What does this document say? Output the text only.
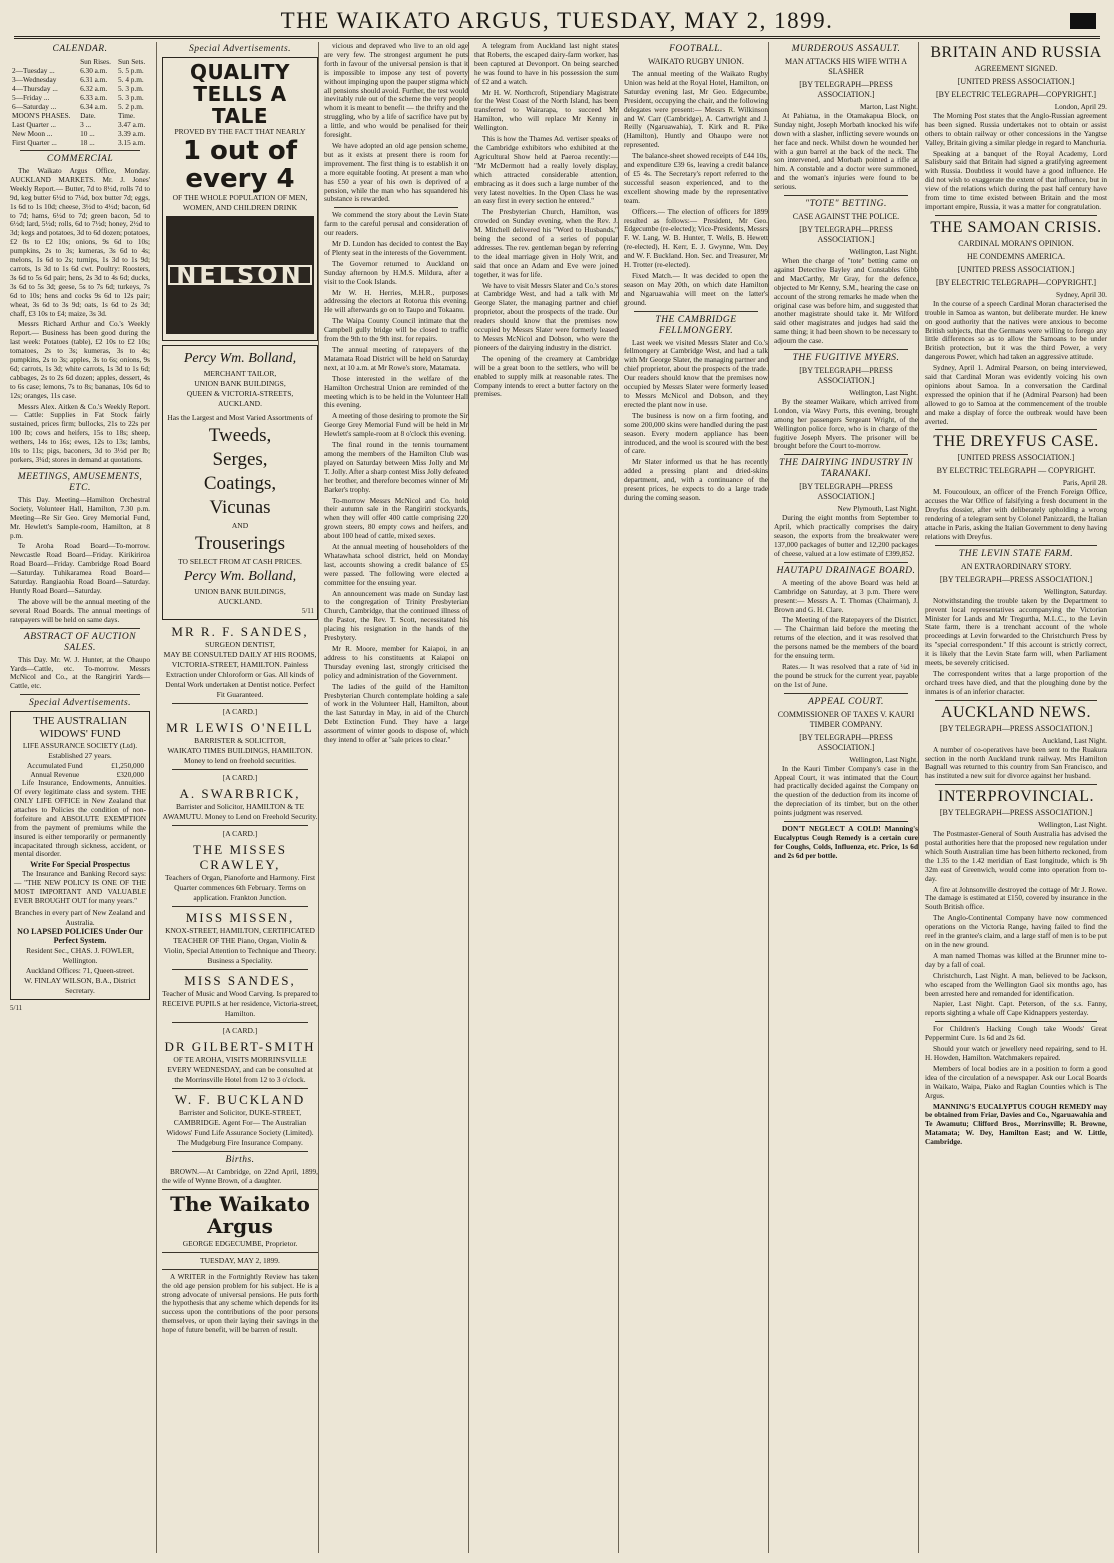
THE WAIKATO ARGUS, TUESDAY, MAY 2, 1899.
CALENDAR.
	Sun Rises.	Sun Sets.
2—Tuesday ...	6.30 a.m.	5. 5 p.m.
3—Wednesday	6.31 a.m.	5. 4 p.m.
4—Thursday ...	6.32 a.m.	5. 3 p.m.
5—Friday ...	6.33 a.m.	5. 3 p.m.
6—Saturday ...	6.34 a.m.	5. 2 p.m.
MOON'S PHASES.	Date.	Time.
Last Quarter ...	3 ...	3.47 a.m.
New Moon ...	10 ...	3.39 a.m.
First Quarter ...	18 ...	3.15 a.m.
COMMERCIAL

The Waikato Argus Office, Monday. AUCKLAND MARKETS. Mr. J. Jones' Weekly Report.— Butter, 7d to 8½d, rolls 7d to 9d, keg butter 6½d to 7¼d, box butter 7d; eggs, 1s 6d to 1s 10d; cheese, 3½d to 4½d; bacon, 6d to 7d; hams, 6½d to 7d; green bacon, 5d to 6½d; lard, 5½d; rolls, 6d to 7½d; honey, 2½d to 3d; kegs and potatoes, 3d to 6d dozen; potatoes, £2 0s to £2 10s; onions, 9s 6d to 10s; pumpkins, 2s to 3s; kumeras, 3s 6d to 4s; melons, 1s 6d to 2s; turnips, 1s 3d to 1s 9d; carrots, 1s 3d to 1s 6d cwt. Poultry: Roosters, 3s 6d to 5s 6d pair; hens, 2s 3d to 4s 6d; ducks, 3s 6d to 5s 3d; geese, 5s to 7s 6d; turkeys, 7s 6d to 10s; hens and cocks 9s 6d to 12s pair; wheat, 3s 6d to 3s 9d; oats, 1s 6d to 2s 3d; chaff, £3 10s to £4; maize, 3s 3d.

Messrs Richard Arthur and Co.'s Weekly Report.— Business has been good during the last week: Potatoes (table), £2 10s to £2 10s; tomatoes, 2s to 3s; kumeras, 3s to 4s; pumpkins, 2s to 3s; apples, 3s to 6s; onions, 9s 6d; carrots, 1s 3d; white carrots, 1s 3d to 1s 6d; cabbages, 2s to 2s 6d dozen; apples, dessert, 4s to 6s case; lemons, 7s to 8s; bananas, 10s 6d to 12s; oranges, 11s case.

Messrs Alex. Aitken & Co.'s Weekly Report.— Cattle: Supplies in Fat Stock fairly sustained, prices firm; bullocks, 21s to 22s per 100 lb; cows and heifers, 15s to 18s; sheep, wethers, 14s to 16s; ewes, 12s to 13s; lambs, 10s to 11s; pigs, baconers, 3d to 3½d per lb; porkers, 3¼d; stores in demand at quotations.

MEETINGS, AMUSEMENTS, ETC.

This Day. Meeting—Hamilton Orchestral Society, Volunteer Hall, Hamilton, 7.30 p.m. Meeting—Re Sir Geo. Grey Memorial Fund, Mr. Hewlett's Sample-room, Hamilton, at 8 p.m.

Te Aroha Road Board—To-morrow. Newcastle Road Board—Friday. Kirikiriroa Road Board—Friday. Cambridge Road Board—Saturday. Tuhikaramea Road Board—Saturday. Rangiaohia Road Board—Saturday. Huntly Road Board—Saturday.

The above will be the annual meeting of the several Road Boards. The annual meetings of ratepayers will be held on same days.

ABSTRACT OF AUCTION SALES.

This Day. Mr. W. J. Hunter, at the Ohaupo Yards—Cattle, etc. To-morrow. Messrs McNicol and Co., at the Rangiriri Yards—Cattle, etc.

Special Advertisements.
THE AUSTRALIAN WIDOWS' FUND
LIFE ASSURANCE SOCIETY (Ltd).
Established 27 years.
Accumulated Fund	£1,250,000
Annual Revenue	£320,000

Life Insurance, Endowments, Annuities. Of every legitimate class and system. THE ONLY LIFE OFFICE in New Zealand that attaches to Policies the condition of non-forfeiture and ABSOLUTE EXEMPTION from the payment of premiums while the insured is either temporarily or permanently incapacitated through sickness, accident, or mental disorder.

Write For Special Prospectus

The Insurance and Banking Record says:— "THE NEW POLICY IS ONE OF THE MOST IMPORTANT AND VALUABLE EVER BROUGHT OUT for many years."

Branches in every part of New Zealand and Australia.
NO LAPSED POLICIES Under Our Perfect System.
Resident Sec., CHAS. J. FOWLER, Wellington.
Auckland Offices: 71, Queen-street.
W. FINLAY WILSON, B.A., District Secretary.
5/11
Special Advertisements.
QUALITY TELLS A TALE
PROVED BY THE FACT THAT NEARLY
1 out of every 4
OF THE WHOLE POPULATION OF MEN, WOMEN, AND CHILDREN DRINK
NELSON
Percy Wm. Bolland,
MERCHANT TAILOR,
UNION BANK BUILDINGS,
QUEEN & VICTORIA-STREETS,
AUCKLAND.
Has the Largest and Most Varied Assortments of
Tweeds,
Serges,
Coatings,
Vicunas
AND
Trouserings
TO SELECT FROM AT CASH PRICES.
Percy Wm. Bolland,
UNION BANK BUILDINGS,
AUCKLAND.
5/11
MR R. F. SANDES,
SURGEON DENTIST,

MAY BE CONSULTED DAILY AT HIS ROOMS, VICTORIA-STREET, HAMILTON. Painless Extraction under Chloroform or Gas. All kinds of Dental Work undertaken at Dentist notice. Perfect Fit Guaranteed.

[A CARD.]
MR LEWIS O'NEILL
BARRISTER & SOLICITOR,

WAIKATO TIMES BUILDINGS, HAMILTON. Money to lend on freehold securities.

[A CARD.]
A. SWARBRICK,

Barrister and Solicitor, HAMILTON & TE AWAMUTU. Money to Lend on Freehold Security.

[A CARD.]
THE MISSES CRAWLEY,

Teachers of Organ, Pianoforte and Harmony. First Quarter commences 6th February. Terms on application. Frankton Junction.

MISS MISSEN,

KNOX-STREET, HAMILTON, CERTIFICATED TEACHER OF THE Piano, Organ, Violin & Violin, Special Attention to Technique and Theory. Business a Speciality.

MISS SANDES,

Teacher of Music and Wood Carving. Is prepared to RECEIVE PUPILS at her residence, Victoria-street, Hamilton.

[A CARD.]
DR GILBERT-SMITH

OF TE AROHA, VISITS MORRINSVILLE EVERY WEDNESDAY, and can be consulted at the Morrinsville Hotel from 12 to 3 o'clock.

W. F. BUCKLAND

Barrister and Solicitor, DUKE-STREET, CAMBRIDGE. Agent For— The Australian Widows' Fund Life Assurance Society (Limited). The Mudgeburg Fire Insurance Company.

Births.

BROWN.—At Cambridge, on 22nd April, 1899, the wife of Wynne Brown, of a daughter.

The Waikato Argus
GEORGE EDGECUMBE, Proprietor.
TUESDAY, MAY 2, 1899.

A WRITER in the Fortnightly Review has taken the old age pension problem for his subject. He is a strong advocate of universal pensions. He puts forth the hypothesis that any scheme which depends for its success upon the contributions of the poor persons themselves, or upon their laying their savings in the hope of future benefit, will be barren of result.

vicious and depraved who live to an old age are very few. The strongest argument he puts forth in favour of the universal pension is that it is impossible to impose any test of poverty without impinging upon the pauper stigma which all pensions should avoid. Further, the test would inevitably rule out of the scheme the very people whom it is meant to benefit — the thrifty and the struggling, who by a life of sacrifice have put by a little, and who would be penalised for their foresight.

We have adopted an old age pension scheme, but as it exists at present there is room for improvement. The first thing is to establish it on a more equitable footing. At present a man who has £50 a year of his own is deprived of a pension, while the man who has squandered his substance is rewarded.

We commend the story about the Levin State farm to the careful perusal and consideration of our readers.

Mr D. Lundon has decided to contest the Bay of Plenty seat in the interests of the Government.

The Governor returned to Auckland on Sunday afternoon by H.M.S. Mildura, after a visit to the Cook Islands.

Mr W. H. Herries, M.H.R., purposes addressing the electors at Rotorua this evening. He will afterwards go on to Taupo and Tokaanu.

The Waipa County Council intimate that the Campbell gully bridge will be closed to traffic from the 9th to the 9th inst. for repairs.

The annual meeting of ratepayers of the Matamata Road District will be held on Saturday next, at 10 a.m. at Mr Rowe's store, Matamata.

Those interested in the welfare of the Hamilton Orchestral Union are reminded of the meeting which is to be held in the Volunteer Hall this evening.

A meeting of those desiring to promote the Sir George Grey Memorial Fund will be held in Mr Hewlett's sample-room at 8 o'clock this evening.

The final round in the tennis tournament among the members of the Hamilton Club was played on Saturday between Miss Jolly and Mr T. Jolly. After a sharp contest Miss Jolly defeated her brother, and therefore becomes winner of Mr Barker's trophy.

To-morrow Messrs McNicol and Co. hold their autumn sale in the Rangiriri stockyards, when they will offer 400 cattle comprising 220 grown steers, 80 empty cows and heifers, and about 100 head of cattle, mixed sexes.

At the annual meeting of householders of the Whatawhata school district, held on Monday last, accounts showing a credit balance of £5 were passed. The following were elected a committee for the ensuing year.

An announcement was made on Sunday last to the congregation of Trinity Presbyterian Church, Cambridge, that the continued illness of the Pastor, the Rev. T. Scott, necessitated his placing his resignation in the hands of the Presbytery.

Mr R. Moore, member for Kaiapoi, in an address to his constituents at Kaiapoi on Thursday evening last, strongly criticised the policy and administration of the Government.

The ladies of the guild of the Hamilton Presbyterian Church contemplate holding a sale of work in the Volunteer Hall, Hamilton, about the last Saturday in May, in aid of the Church Debt Extinction Fund. They have a large assortment of winter goods to dispose of, which they intend to offer at "sale prices to clear."

A telegram from Auckland last night states that Roberts, the escaped dairy-farm worker, has been captured at Devonport. On being searched he was found to have in his possession the sum of £2 and a watch.

Mr H. W. Northcroft, Stipendiary Magistrate for the West Coast of the North Island, has been transferred to Wairarapa, to succeed Mr Hamilton, who will replace Mr Kenny in Wellington.

This is how the Thames Ad. vertiser speaks of the Cambridge exhibitors who exhibited at the Agricultural Show held at Paeroa recently:— "Mr McDermott had a really lovely display, which attracted considerable attention, embracing as it does such a large number of the very latest novelties. In the Open Class he was an easy first in every section he entered."

The Presbyterian Church, Hamilton, was crowded on Sunday evening, when the Rev. J. M. Mitchell delivered his "Word to Husbands," being the second of a series of popular addresses. The rev. gentleman began by referring to the ideal marriage given in Holy Writ, and said that once an Adam and Eve were joined together, it was for life.

We have to visit Messrs Slater and Co.'s stores at Cambridge West, and had a talk with Mr George Slater, the managing partner and chief proprietor, about the prospects of the trade. Our readers should know that the premises now occupied by Messrs Slater were formerly leased to Messrs McNicol and Dobson, who were the pioneers of the dairying industry in the district.

The opening of the creamery at Cambridge will be a great boon to the settlers, who will be enabled to supply milk at reasonable rates. The Company intends to erect a butter factory on the premises.

FOOTBALL.
WAIKATO RUGBY UNION.

The annual meeting of the Waikato Rugby Union was held at the Royal Hotel, Hamilton, on Saturday evening last, Mr Geo. Edgecumbe, President, occupying the chair, and the following delegates were present:— Messrs R. Wilkinson and W. Carr (Cambridge), A. Cartwright and J. Reilly (Ngaruawahia), T. Kirk and R. Pike (Hamilton), Huntly and Ohaupo were not represented.

The balance-sheet showed receipts of £44 10s, and expenditure £39 6s, leaving a credit balance of £5 4s. The Secretary's report referred to the successful season experienced, and to the excellent showing made by the representative team.

Officers.— The election of officers for 1899 resulted as follows:— President, Mr Geo. Edgecumbe (re-elected); Vice-Presidents, Messrs F. W. Lang, W. B. Hunter, T. Wells, B. Hewett (re-elected), H. Kerr, E. J. Gwynne, Wm. Dey and W. F. Buckland. Hon. Sec. and Treasurer, Mr H. Trotter (re-elected).

Fixed Match.— It was decided to open the season on May 20th, on which date Hamilton and Ngaruawahia will meet on the latter's ground.

THE CAMBRIDGE FELLMONGERY.

Last week we visited Messrs Slater and Co.'s fellmongery at Cambridge West, and had a talk with Mr George Slater, the managing partner and chief proprietor, about the prospects of the trade. Our readers should know that the premises now occupied by Messrs Slater were formerly leased to Messrs McNicol and Dobson, and they erected the plant now in use.

The business is now on a firm footing, and some 200,000 skins were handled during the past season. Every modern appliance has been introduced, and the wool is scoured with the best of care.

Mr Slater informed us that he has recently added a pressing plant and dried-skins department, and, with a continuance of the present prices, he expects to do a large trade during the coming season.

MURDEROUS ASSAULT.
MAN ATTACKS HIS WIFE WITH A SLASHER
[BY TELEGRAPH—PRESS ASSOCIATION.]
Marton, Last Night.

At Pahiatua, in the Otamakapua Block, on Sunday night, Joseph Morbath knocked his wife down with a slasher, inflicting severe wounds on her face and neck. Whilst down he wounded her with a gun barrel at the back of the neck. The son intervened, and Morbath pointed a rifle at him. A constable and a doctor were summoned, and the woman's injuries were found to be serious.

"TOTE" BETTING.
CASE AGAINST THE POLICE.
[BY TELEGRAPH—PRESS ASSOCIATION.]
Wellington, Last Night.

When the charge of "tote" betting came on against Detective Bayley and Constables Gibb and MacCarthy, Mr Gray, for the defence, objected to Mr Kenny, S.M., hearing the case on account of the strong remarks he made when the original case was before him, and suggested that another magistrate should take it. Mr Wilford said other magistrates and judges had said the same thing; it had been shown to be necessary to adjourn the case.

THE FUGITIVE MYERS.
[BY TELEGRAPH—PRESS ASSOCIATION.]
Wellington, Last Night.

By the steamer Waikare, which arrived from London, via Wavy Ports, this evening, brought among her passengers Sergeant Wright, of the Wellington police force, who is in charge of the fugitive Joseph Myers. The prisoner will be brought before the Court to-morrow.

THE DAIRYING INDUSTRY IN TARANAKI.
[BY TELEGRAPH—PRESS ASSOCIATION.]
New Plymouth, Last Night.

During the eight months from September to April, which practically comprises the dairy season, the exports from the breakwater were 137,000 packages of butter and 12,200 packages of cheese, valued at a low estimate of £399,852.

HAUTAPU DRAINAGE BOARD.

A meeting of the above Board was held at Cambridge on Saturday, at 3 p.m. There were present:— Messrs A. T. Thomas (Chairman), J. Brown and G. H. Clare.

The Meeting of the Ratepayers of the District.— The Chairman laid before the meeting the returns of the election, and it was resolved that the persons named be the members of the board for the ensuing term.

Rates.— It was resolved that a rate of ¼d in the pound be struck for the current year, payable on the 1st of June.

APPEAL COURT.
COMMISSIONER OF TAXES V. KAURI TIMBER COMPANY.
[BY TELEGRAPH—PRESS ASSOCIATION.]
Wellington, Last Night.

In the Kauri Timber Company's case in the Appeal Court, it was intimated that the Court had practically decided against the Company on the question of the deduction from its income of the depreciation of its timber, but on the other points judgment was reserved.

DON'T NEGLECT A COLD! Manning's Eucalyptus Cough Remedy is a certain cure for Coughs, Colds, Influenza, etc. Price, 1s 6d and 2s 6d per bottle.

BRITAIN AND RUSSIA
AGREEMENT SIGNED.
[UNITED PRESS ASSOCIATION.]
[BY ELECTRIC TELEGRAPH—COPYRIGHT.]
London, April 29.

The Morning Post states that the Anglo-Russian agreement has been signed. Russia undertakes not to obtain or assist others to obtain railway or other concessions in the Yangtse Valley, Britain giving a similar pledge in regard to Manchuria.

Speaking at a banquet of the Royal Academy, Lord Salisbury said that Britain had signed a gratifying agreement with Russia. Doubtless it would have a good influence. He did not wish to exaggerate the extent of that influence, but in view of the relations which during the past half century have from time to time existed between Britain and the most important empire, Russia, it was a matter for congratulation.

THE SAMOAN CRISIS.
CARDINAL MORAN'S OPINION.
HE CONDEMNS AMERICA.
[UNITED PRESS ASSOCIATION.]
[BY ELECTRIC TELEGRAPH—COPYRIGHT.]
Sydney, April 30.

In the course of a speech Cardinal Moran characterised the trouble in Samoa as wanton, but deliberate murder. He knew on good authority that the natives were anxious to become British subjects, that the Germans were willing to forego any little differences so as to allow the Samoans to be under British protection, but it was the third Power, a very dangerous Power, which had taken an aggressive attitude.

Sydney, April 1. Admiral Pearson, on being interviewed, said that Cardinal Moran was evidently voicing his own opinions about Samoa. In a conversation the Cardinal expressed the opinion that if he (Admiral Pearson) had been allowed to go to Samoa at the commencement of the trouble and make a display of force the outbreak would have been averted.

THE DREYFUS CASE.
[UNITED PRESS ASSOCIATION.]
BY ELECTRIC TELEGRAPH — COPYRIGHT.
Paris, April 28.

M. Foucouloux, an officer of the French Foreign Office, accuses the War Office of falsifying a fresh document in the Dreyfus dossier, after with deliberately upholding a wrong rendering of a telegram sent by Colonel Panizzardi, the Italian attache in Paris, asking the Italian Government to deny having relations with Dreyfus.

THE LEVIN STATE FARM.
AN EXTRAORDINARY STORY.
[BY TELEGRAPH—PRESS ASSOCIATION.]
Wellington, Saturday.

Notwithstanding the trouble taken by the Department to prevent local representatives accompanying the Victorian Minister for Lands and Mr Tregurtha, M.L.C., to the Levin State farm, there is a trenchant account of the whole proceedings at Levin forwarded to the Christchurch Press by its "special correspondent." If this account is strictly correct, it is likely that the Levin State farm will, when Parliament meets, be severely criticised.

The correspondent writes that a large proportion of the orchard trees have died, and that the ploughing done by the inmates is of an inferior character.

AUCKLAND NEWS.
[BY TELEGRAPH—PRESS ASSOCIATION.]
Auckland, Last Night.

A number of co-operatives have been sent to the Ruakura section in the north Auckland trunk railway. Mrs Hamilton Bagnall was returned to this country from San Francisco, and has instituted a new suit for divorce against her husband.

INTERPROVINCIAL.
[BY TELEGRAPH—PRESS ASSOCIATION.]
Wellington, Last Night.

The Postmaster-General of South Australia has advised the postal authorities here that the proposed new regulation under which South Australian time has been hitherto reckoned, from the 1.35 to the 1.42 meridian of East longitude, which is 9h 32m east of Greenwich, would come into operation from to-day.

A fire at Johnsonville destroyed the cottage of Mr J. Rowe. The damage is estimated at £150, covered by insurance in the South British office.

The Anglo-Continental Company have now commenced operations on the Victoria Range, having failed to find the reef in the grantee's claim, and a large staff of men is to be put on in the new ground.

A man named Thomas was killed at the Brunner mine to-day by a fall of coal.

Christchurch, Last Night. A man, believed to be Jackson, who escaped from the Wellington Gaol six months ago, has been arrested here and remanded for identification.

Napier, Last Night. Capt. Peterson, of the s.s. Fanny, reports sighting a whale off Cape Kidnappers yesterday.

For Children's Hacking Cough take Woods' Great Peppermint Cure. 1s 6d and 2s 6d.

Should your watch or jewellery need repairing, send to H. H. Howden, Hamilton. Watchmakers repaired.

Members of local bodies are in a position to form a good idea of the circulation of a newspaper. Ask our Local Boards in Waikato, Waipa, Piako and Raglan Counties which is The Argus.

MANNING'S EUCALYPTUS COUGH REMEDY may be obtained from Friar, Davies and Co., Ngaruawahia and Te Awamutu; Clifford Bros., Morrinsville; R. Browne, Matamata; W. Dey, Hamilton East; and W. Little, Cambridge.
